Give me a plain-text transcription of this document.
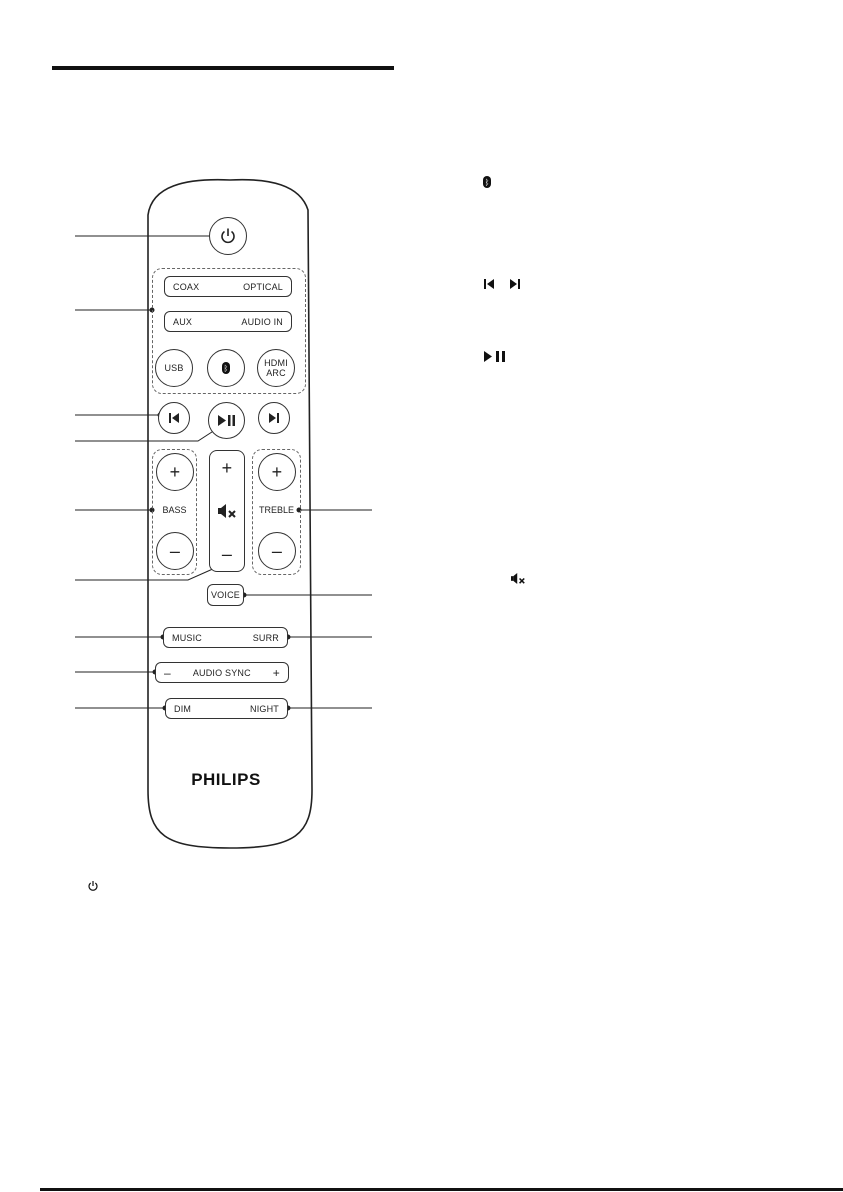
COAX	OPTICAL
AUX	AUDIO IN
USB	ᛒ	HDMI
ARC
+
BASS
–
+
–
+
TREBLE
–
VOICE
MUSIC	SURR
– AUDIO SYNC +
DIM	NIGHT
PHILIPS
ᛒ
